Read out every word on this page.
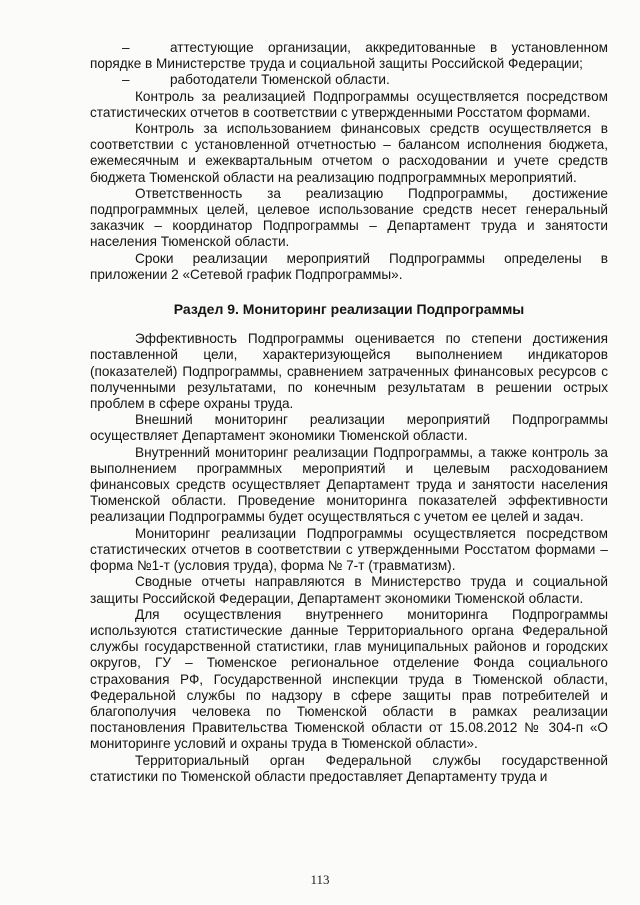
–	аттестующие организации, аккредитованные в установленном порядке в Министерстве труда и социальной защиты Российской Федерации;

–	работодатели Тюменской области.

Контроль за реализацией Подпрограммы осуществляется посредством статистических отчетов в соответствии с утвержденными Росстатом формами.

Контроль за использованием финансовых средств осуществляется в соответствии с установленной отчетностью – балансом исполнения бюджета, ежемесячным и ежеквартальным отчетом о расходовании и учете средств бюджета Тюменской области на реализацию подпрограммных мероприятий.

Ответственность за реализацию Подпрограммы, достижение подпрограммных целей, целевое использование средств несет генеральный заказчик – координатор Подпрограммы – Департамент труда и занятости населения Тюменской области.

Сроки реализации мероприятий Подпрограммы определены в приложении 2 «Сетевой график Подпрограммы».

Раздел 9. Мониторинг реализации Подпрограммы

Эффективность Подпрограммы оценивается по степени достижения поставленной цели, характеризующейся выполнением индикаторов (показателей) Подпрограммы, сравнением затраченных финансовых ресурсов с полученными результатами, по конечным результатам в решении острых проблем в сфере охраны труда.

Внешний мониторинг реализации мероприятий Подпрограммы осуществляет Департамент экономики Тюменской области.

Внутренний мониторинг реализации Подпрограммы, а также контроль за выполнением программных мероприятий и целевым расходованием финансовых средств осуществляет Департамент труда и занятости населения Тюменской области. Проведение мониторинга показателей эффективности реализации Подпрограммы будет осуществляться с учетом ее целей и задач.

Мониторинг реализации Подпрограммы осуществляется посредством статистических отчетов в соответствии с утвержденными Росстатом формами – форма №1-т (условия труда), форма № 7-т (травматизм).

Сводные отчеты направляются в Министерство труда и социальной защиты Российской Федерации, Департамент экономики Тюменской области.

Для осуществления внутреннего мониторинга Подпрограммы используются статистические данные Территориального органа Федеральной службы государственной статистики, глав муниципальных районов и городских округов, ГУ – Тюменское региональное отделение Фонда социального страхования РФ, Государственной инспекции труда в Тюменской области, Федеральной службы по надзору в сфере защиты прав потребителей и благополучия человека по Тюменской области в рамках реализации постановления Правительства Тюменской области от 15.08.2012 № 304-п «О мониторинге условий и охраны труда в Тюменской области».

Территориальный орган Федеральной службы государственной статистики по Тюменской области предоставляет Департаменту труда и

113
